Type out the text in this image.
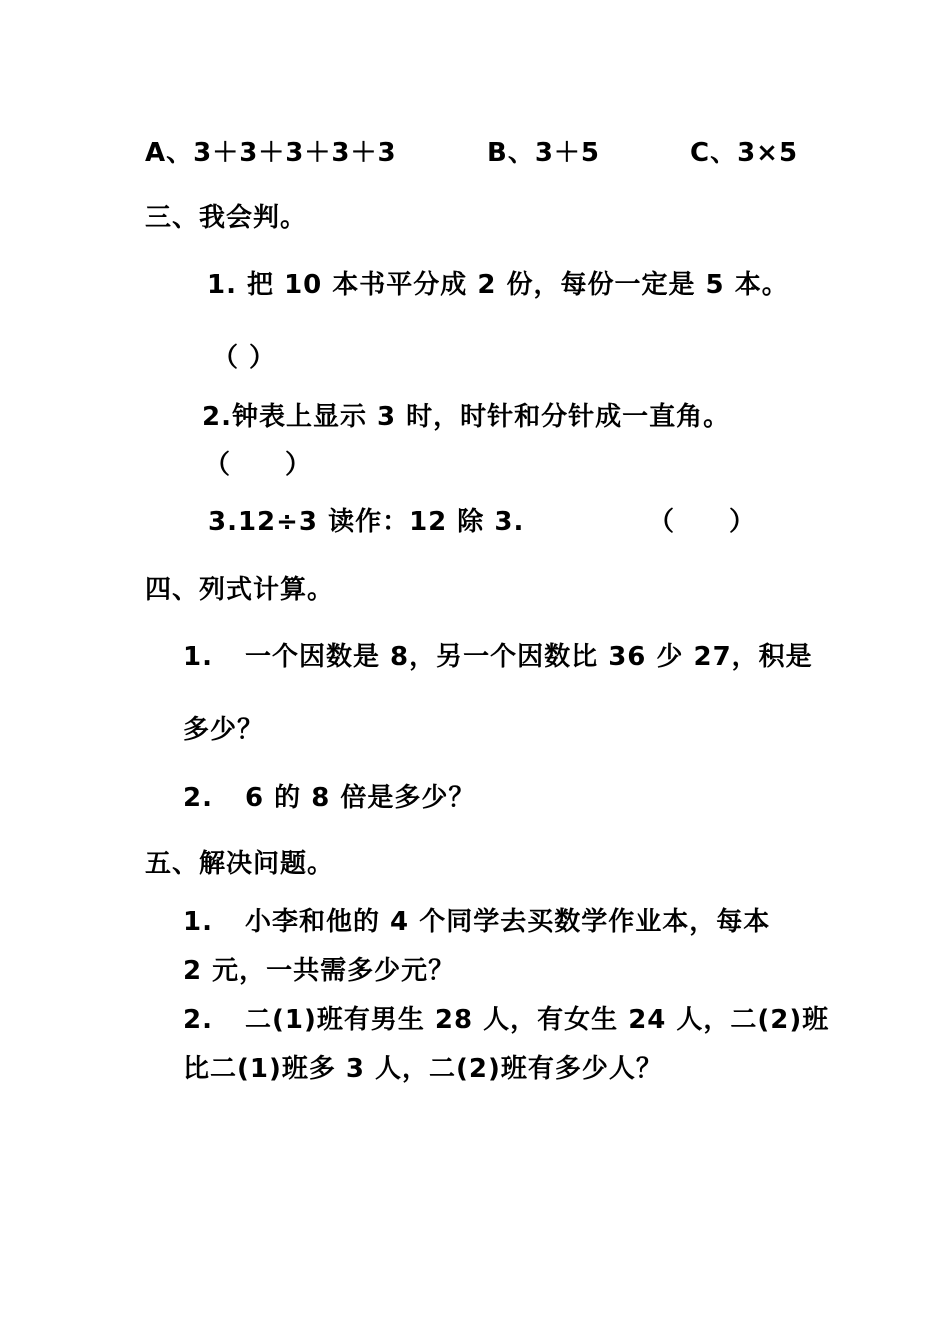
A、3＋3＋3＋3＋3	B、3＋5	C、3×5
三、我会判。
1. 把 10 本书平分成 2 份，每份一定是 5 本。
（ ）
2.钟表上显示 3 时，时针和分针成一直角。
（　　）
3.12÷3 读作：12 除 3.	（　　）
四、列式计算。
1. 一个因数是 8，另一个因数比 36 少 27，积是
多少？
2. 6 的 8 倍是多少？
五、解决问题。
1. 小李和他的 4 个同学去买数学作业本，每本
2 元，一共需多少元？
2. 二(1)班有男生 28 人，有女生 24 人，二(2)班
比二(1)班多 3 人，二(2)班有多少人？
